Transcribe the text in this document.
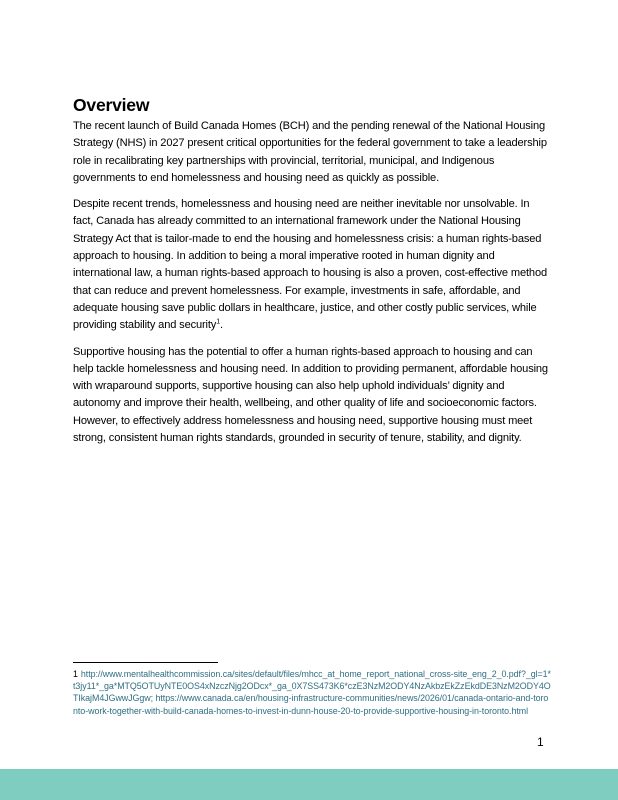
Overview

The recent launch of Build Canada Homes (BCH) and the pending renewal of the National Housing Strategy (NHS) in 2027 present critical opportunities for the federal government to take a leadership role in recalibrating key partnerships with provincial, territorial, municipal, and Indigenous governments to end homelessness and housing need as quickly as possible.

Despite recent trends, homelessness and housing need are neither inevitable nor unsolvable. In fact, Canada has already committed to an international framework under the National Housing Strategy Act that is tailor-made to end the housing and homelessness crisis: a human rights-based approach to housing. In addition to being a moral imperative rooted in human dignity and international law, a human rights-based approach to housing is also a proven, cost-effective method that can reduce and prevent homelessness. For example, investments in safe, affordable, and adequate housing save public dollars in healthcare, justice, and other costly public services, while providing stability and security$^1$.

Supportive housing has the potential to offer a human rights-based approach to housing and can help tackle homelessness and housing need. In addition to providing permanent, affordable housing with wraparound supports, supportive housing can also help uphold individuals’ dignity and autonomy and improve their health, wellbeing, and other quality of life and socioeconomic factors. However, to effectively address homelessness and housing need, supportive housing must meet strong, consistent human rights standards, grounded in security of tenure, stability, and dignity.

1 http://www.mentalhealthcommission.ca/sites/default/files/mhcc_at_home_report_national_cross-site_eng_2_0.pdf?_gl=1*t3jy11*_ga*MTQ5OTUyNTE0OS4xNzczNjg2ODcx*_ga_0X7SS473K6*czE3NzM2ODY4NzAkbzEkZzEkdDE3NzM2ODY4OTIkajM4JGwwJGgw; https://www.canada.ca/en/housing-infrastructure-communities/news/2026/01/canada-ontario-and-toronto-work-together-with-build-canada-homes-to-invest-in-dunn-house-20-to-provide-supportive-housing-in-toronto.html
1
